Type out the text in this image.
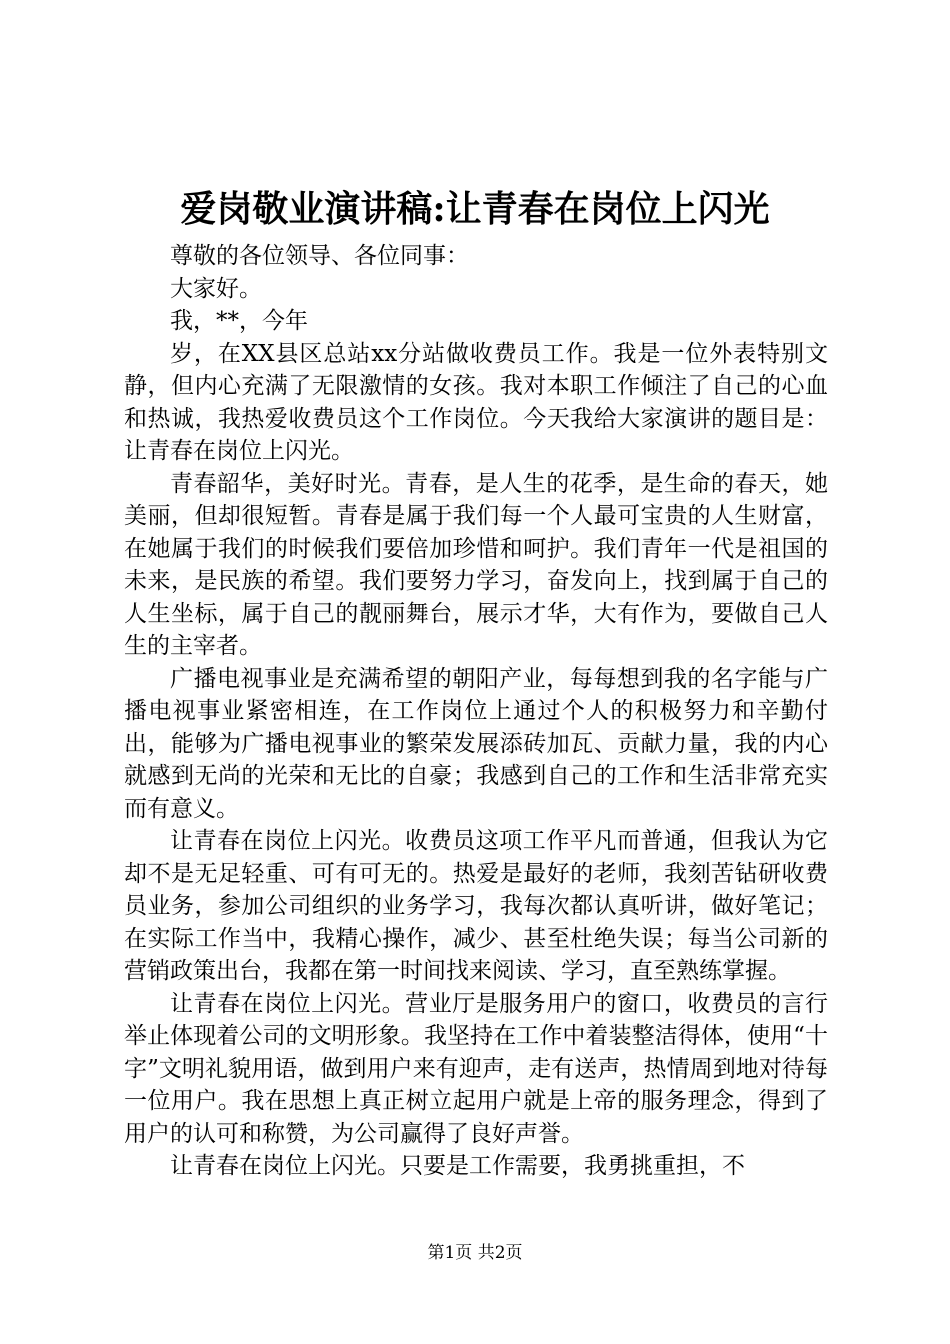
爱岗敬业演讲稿:让青春在岗位上闪光

尊敬的各位领导、各位同事：

大家好。

我，**，今年

岁，在XX县区总站xx分站做收费员工作。我是一位外表特别文静，但内心充满了无限激情的女孩。我对本职工作倾注了自己的心血和热诚，我热爱收费员这个工作岗位。今天我给大家演讲的题目是：让青春在岗位上闪光。

青春韶华，美好时光。青春，是人生的花季，是生命的春天，她美丽，但却很短暂。青春是属于我们每一个人最可宝贵的人生财富，在她属于我们的时候我们要倍加珍惜和呵护。我们青年一代是祖国的未来，是民族的希望。我们要努力学习，奋发向上，找到属于自己的人生坐标，属于自己的靓丽舞台，展示才华，大有作为，要做自己人生的主宰者。

广播电视事业是充满希望的朝阳产业，每每想到我的名字能与广播电视事业紧密相连，在工作岗位上通过个人的积极努力和辛勤付出，能够为广播电视事业的繁荣发展添砖加瓦、贡献力量，我的内心就感到无尚的光荣和无比的自豪；我感到自己的工作和生活非常充实而有意义。

让青春在岗位上闪光。收费员这项工作平凡而普通，但我认为它却不是无足轻重、可有可无的。热爱是最好的老师，我刻苦钻研收费员业务，参加公司组织的业务学习，我每次都认真听讲，做好笔记；在实际工作当中，我精心操作，减少、甚至杜绝失误；每当公司新的营销政策出台，我都在第一时间找来阅读、学习，直至熟练掌握。

让青春在岗位上闪光。营业厅是服务用户的窗口，收费员的言行举止体现着公司的文明形象。我坚持在工作中着装整洁得体，使用“十字”文明礼貌用语，做到用户来有迎声，走有送声，热情周到地对待每一位用户。我在思想上真正树立起用户就是上帝的服务理念，得到了用户的认可和称赞，为公司赢得了良好声誉。

让青春在岗位上闪光。只要是工作需要，我勇挑重担，不

第1页 共2页
